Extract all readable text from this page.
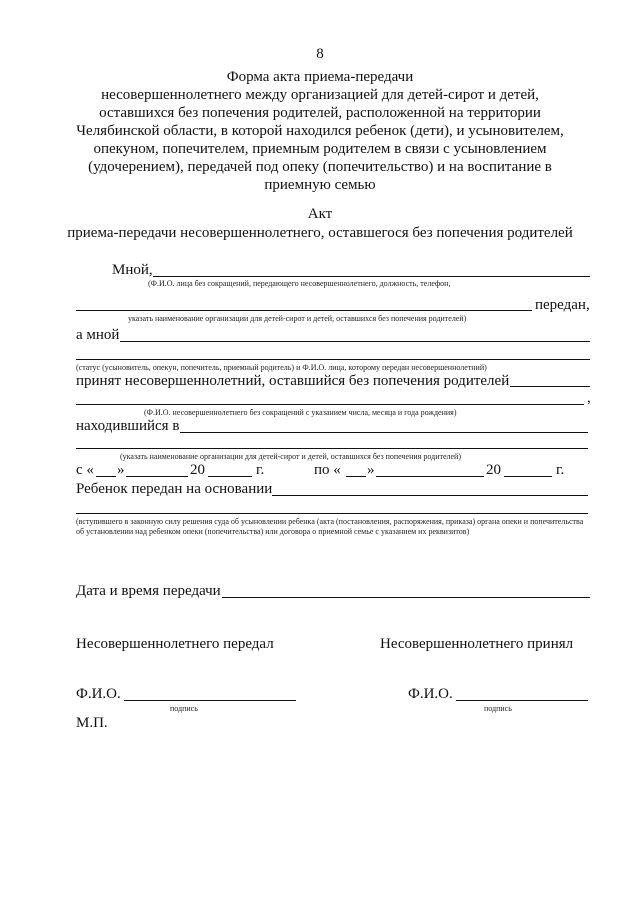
8
Форма акта приема-передачи
несовершеннолетнего между организацией для детей-сирот и детей,
оставшихся без попечения родителей, расположенной на территории
Челябинской области, в которой находился ребенок (дети), и усыновителем,
опекуном, попечителем, приемным родителем в связи с усыновлением
(удочерением), передачей под опеку (попечительство) и на воспитание в
приемную семью
Акт
приема-передачи несовершеннолетнего, оставшегося без попечения родителей
Мной,
(Ф.И.О. лица без сокращений, передающего несовершеннолетнего, должность, телефон,
передан,
указать наименование организации для детей-сирот и детей, оставшихся без попечения родителей)
а мной
(статус (усыновитель, опекун, попечитель, приемный родитель) и Ф.И.О. лица, которому передан несовершеннолетний)
принят несовершеннолетний, оставшийся без попечения родителей
,
(Ф.И.О. несовершеннолетнего без сокращений с указанием числа, месяца и года рождения)
находившийся в
(указать наименование организации для детей-сирот и детей, оставшихся без попечения родителей)
с « »	20	г.	по « »	20	г.
Ребенок передан на основании
(вступившего в законную силу решения суда об усыновлении ребенка (акта (постановления, распоряжения, приказа) органа опеки и попечительства об установлении над ребенком опеки (попечительства) или договора о приемной семье с указанием их реквизитов)
Дата и время передачи
Несовершеннолетнего передал	Несовершеннолетнего принял
Ф.И.О.
подпись
Ф.И.О.
подпись
М.П.
